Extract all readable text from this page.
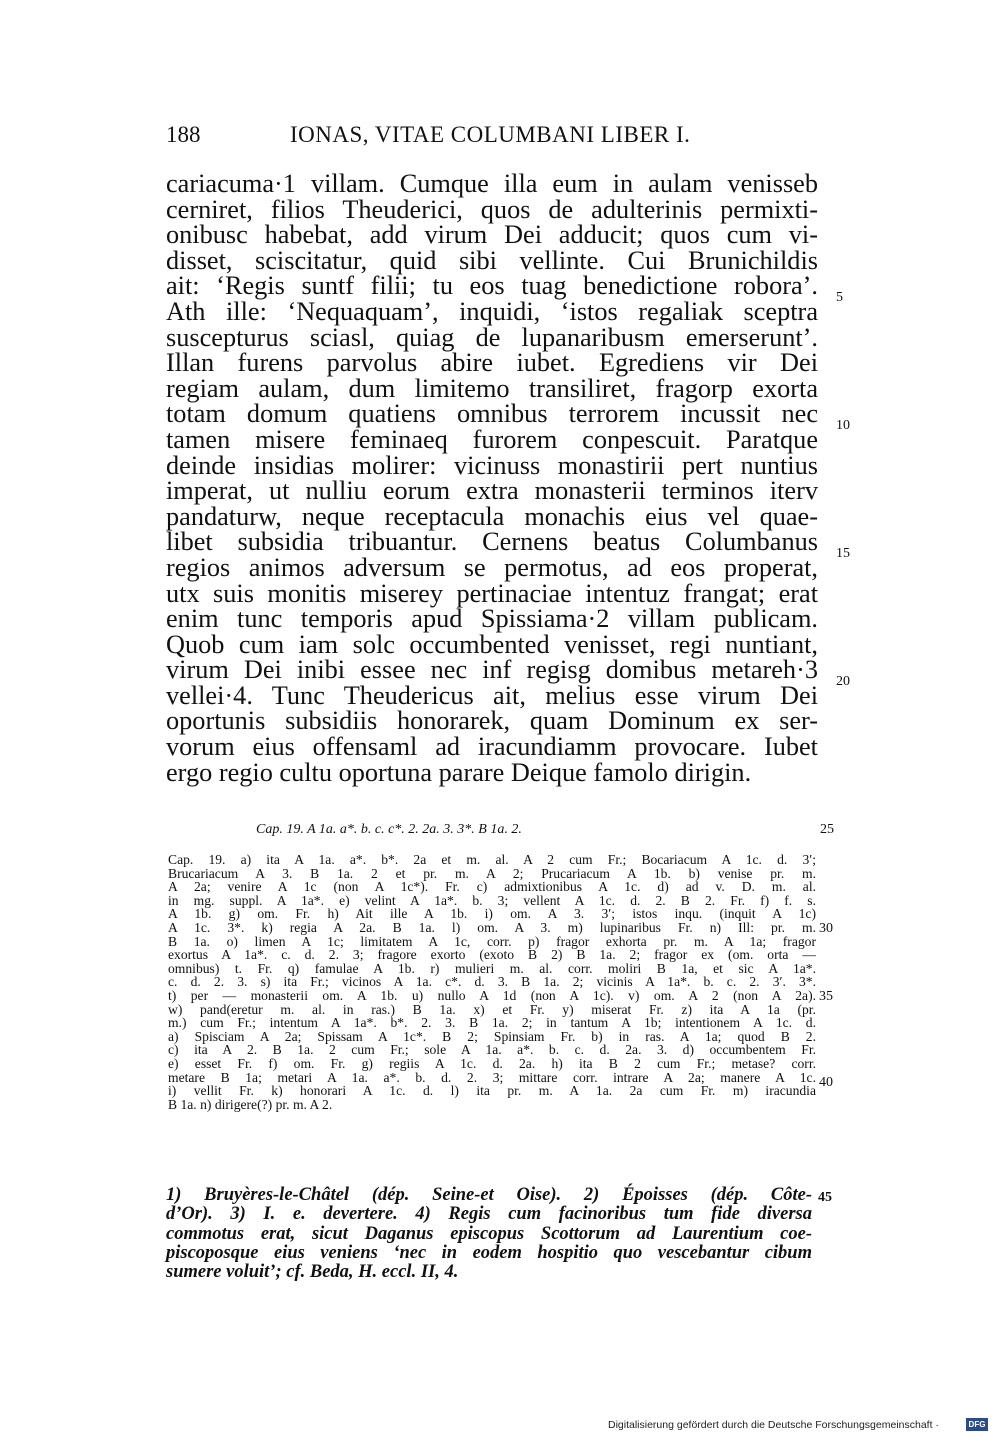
188	IONAS, VITAE COLUMBANI LIBER I.
cariacuma·1 villam. Cumque illa eum in aulam venisseb
cerniret, filios Theuderici, quos de adulterinis permixti-
onibusc habebat, add virum Dei adducit; quos cum vi-
disset, sciscitatur, quid sibi vellinte. Cui Brunichildis
ait: ‘Regis suntf filii; tu eos tuag benedictione robora’.
Ath ille: ‘Nequaquam’, inquidi, ‘istos regaliak sceptra
suscepturus sciasl, quiag de lupanaribusm emerserunt’.
Illan furens parvolus abire iubet. Egrediens vir Dei
regiam aulam, dum limitemo transiliret, fragorp exorta
totam domum quatiens omnibus terrorem incussit nec
tamen misere feminaeq furorem conpescuit. Paratque
deinde insidias molirer: vicinuss monastirii pert nuntius
imperat, ut nulliu eorum extra monasterii terminos iterv
pandaturw, neque receptacula monachis eius vel quae-
libet subsidia tribuantur. Cernens beatus Columbanus
regios animos adversum se permotus, ad eos properat,
utx suis monitis miserey pertinaciae intentuz frangat; erat
enim tunc temporis apud Spissiama·2 villam publicam.
Quob cum iam solc occumbented venisset, regi nuntiant,
virum Dei inibi essee nec inf regisg domibus metareh·3
vellei·4. Tunc Theudericus ait, melius esse virum Dei
oportunis subsidiis honorarek, quam Dominum ex ser-
vorum eius offensaml ad iracundiamm provocare. Iubet
ergo regio cultu oportuna parare Deique famolo dirigin.
5
10
15
20
Cap. 19. A 1a. a*. b. c. c*. 2. 2a. 3. 3*. B 1a. 2.	25
Cap. 19. a) ita A 1a. a*. b*. 2a et m. al. A 2 cum Fr.; Bocariacum A 1c. d. 3′;
Brucariacum A 3. B 1a. 2 et pr. m. A 2; Prucariacum A 1b. b) venise pr. m.
A 2a; venire A 1c (non A 1c*). Fr. c) admixtionibus A 1c. d) ad v. D. m. al.
in mg. suppl. A 1a*. e) velint A 1a*. b. 3; vellent A 1c. d. 2. B 2. Fr. f) f. s.
A 1b. g) om. Fr. h) Ait ille A 1b. i) om. A 3. 3′; istos inqu. (inquit A 1c)
A 1c. 3*. k) regia A 2a. B 1a. l) om. A 3. m) lupinaribus Fr. n) Ill: pr. m.
B 1a. o) limen A 1c; limitatem A 1c, corr. p) fragor exhorta pr. m. A 1a; fragor
exortus A 1a*. c. d. 2. 3; fragore exorto (exoto B 2) B 1a. 2; fragor ex (om. orta —
omnibus) t. Fr. q) famulae A 1b. r) mulieri m. al. corr. moliri B 1a, et sic A 1a*.
c. d. 2. 3. s) ita Fr.; vicinos A 1a. c*. d. 3. B 1a. 2; vicinis A 1a*. b. c. 2. 3′. 3*.
t) per — monasterii om. A 1b. u) nullo A 1d (non A 1c). v) om. A 2 (non A 2a).
w) pand(eretur m. al. in ras.) B 1a. x) et Fr. y) miserat Fr. z) ita A 1a (pr.
m.) cum Fr.; intentum A 1a*. b*. 2. 3. B 1a. 2; in tantum A 1b; intentionem A 1c. d.
a) Spisciam A 2a; Spissam A 1c*. B 2; Spinsiam Fr. b) in ras. A 1a; quod B 2.
c) ita A 2. B 1a. 2 cum Fr.; sole A 1a. a*. b. c. d. 2a. 3. d) occumbentem Fr.
e) esset Fr. f) om. Fr. g) regiis A 1c. d. 2a. h) ita B 2 cum Fr.; metase? corr.
metare B 1a; metari A 1a. a*. b. d. 2. 3; mittare corr. intrare A 2a; manere A 1c.
i) vellit Fr. k) honorari A 1c. d. l) ita pr. m. A 1a. 2a cum Fr. m) iracundia
B 1a. n) dirigere(?) pr. m. A 2.
30
35
40
1) Bruyères-le-Châtel (dép. Seine-et Oise). 2) Époisses (dép. Côte-
d’Or). 3) I. e. devertere. 4) Regis cum facinoribus tum fide diversa
commotus erat, sicut Daganus episcopus Scottorum ad Laurentium coe-
piscoposque eius veniens ‘nec in eodem hospitio quo vescebantur cibum
sumere voluit’; cf. Beda, H. eccl. II, 4.
45
Digitalisierung gefördert durch die Deutsche Forschungsgemeinschaft ·	DFG
